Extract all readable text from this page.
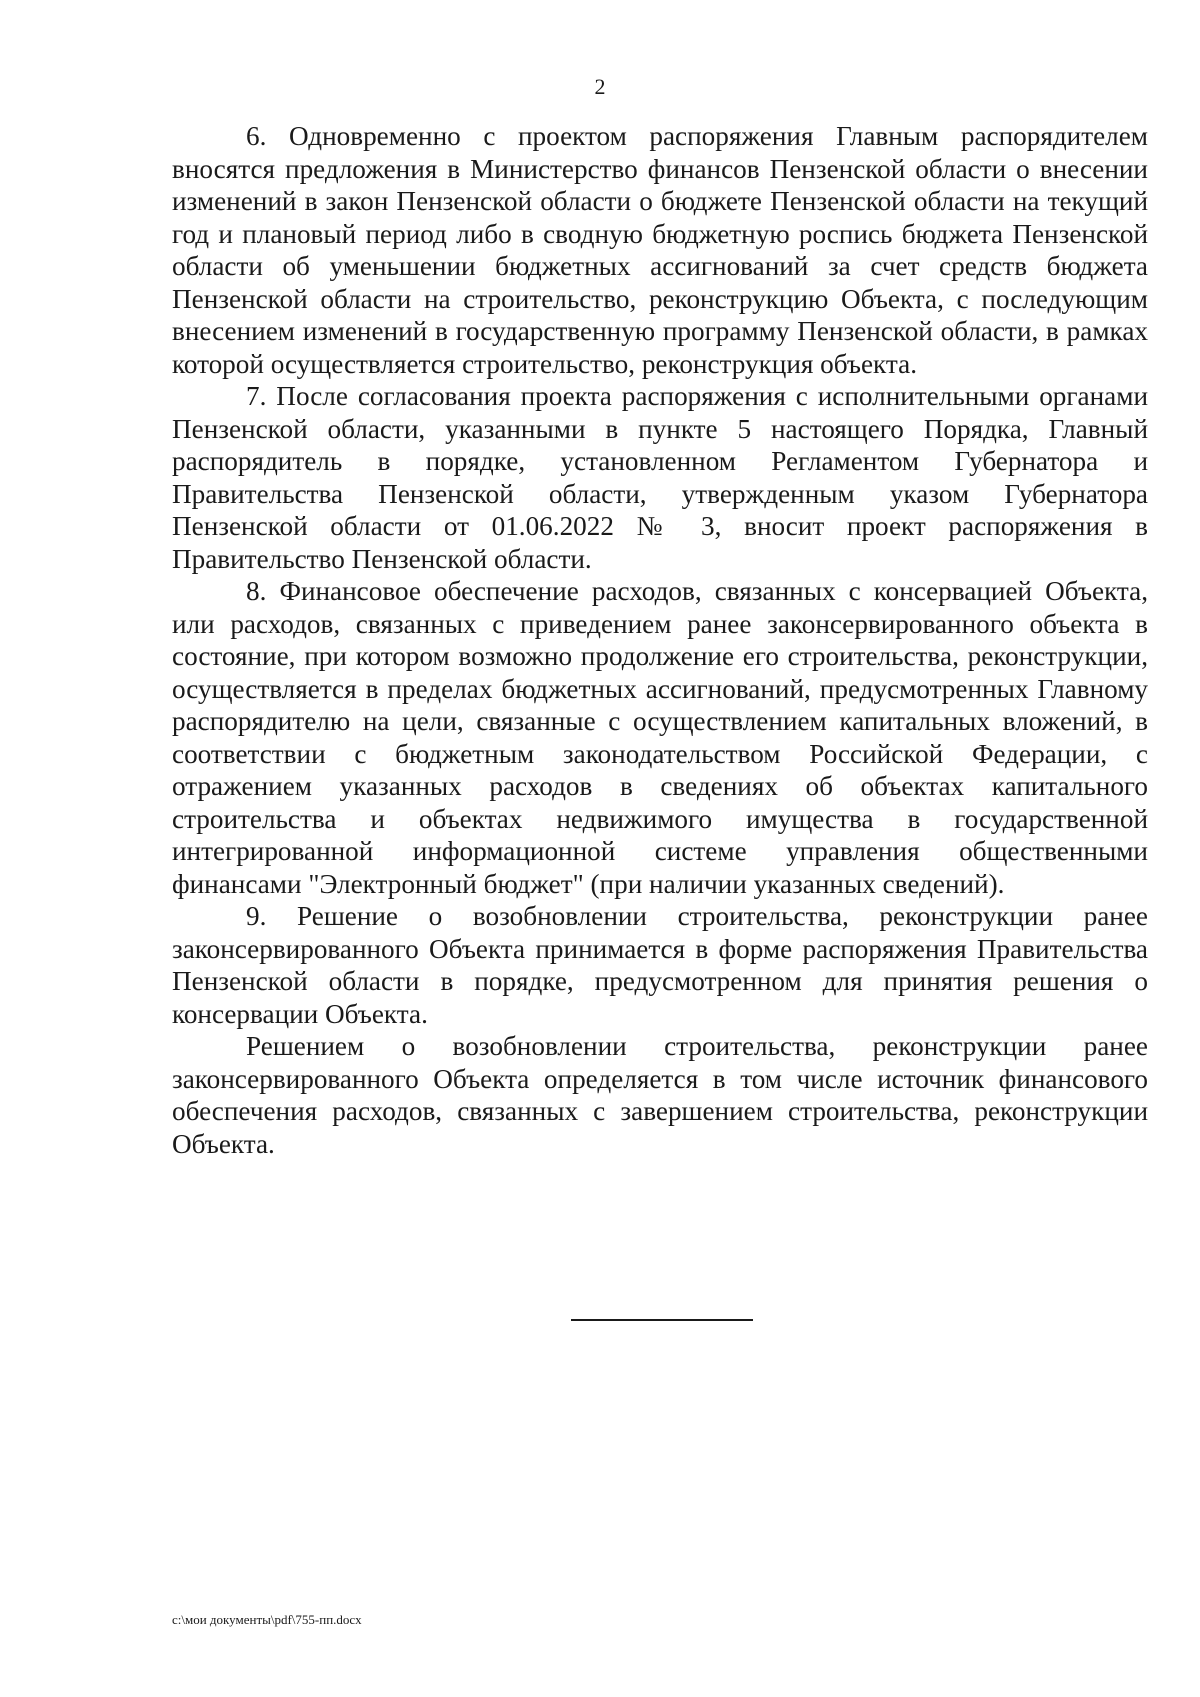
2

6. Одновременно с проектом распоряжения Главным распорядителем вносятся предложения в Министерство финансов Пензенской области о внесении изменений в закон Пензенской области о бюджете Пензенской области на текущий год и плановый период либо в сводную бюджетную роспись бюджета Пензенской области об уменьшении бюджетных ассигнований за счет средств бюджета Пензенской области на строительство, реконструкцию Объекта, с последующим внесением изменений в государственную программу Пензенской области, в рамках которой осуществляется строительство, реконструкция объекта.

7. После согласования проекта распоряжения с исполнительными органами Пензенской области, указанными в пункте 5 настоящего Порядка, Главный распорядитель в порядке, установленном Регламентом Губернатора и Правительства Пензенской области, утвержденным указом Губернатора Пензенской области от 01.06.2022 № 3, вносит проект распоряжения в Правительство Пензенской области.

8. Финансовое обеспечение расходов, связанных с консервацией Объекта, или расходов, связанных с приведением ранее законсервированного объекта в состояние, при котором возможно продолжение его строительства, реконструкции, осуществляется в пределах бюджетных ассигнований, предусмотренных Главному распорядителю на цели, связанные с осуществлением капитальных вложений, в соответствии с бюджетным законодательством Российской Федерации, с отражением указанных расходов в сведениях об объектах капитального строительства и объектах недвижимого имущества в государственной интегрированной информационной системе управления общественными финансами "Электронный бюджет" (при наличии указанных сведений).

9. Решение о возобновлении строительства, реконструкции ранее законсервированного Объекта принимается в форме распоряжения Правительства Пензенской области в порядке, предусмотренном для принятия решения о консервации Объекта.

Решением о возобновлении строительства, реконструкции ранее законсервированного Объекта определяется в том числе источник финансового обеспечения расходов, связанных с завершением строительства, реконструкции Объекта.

c:\мои документы\pdf\755-пп.docx
